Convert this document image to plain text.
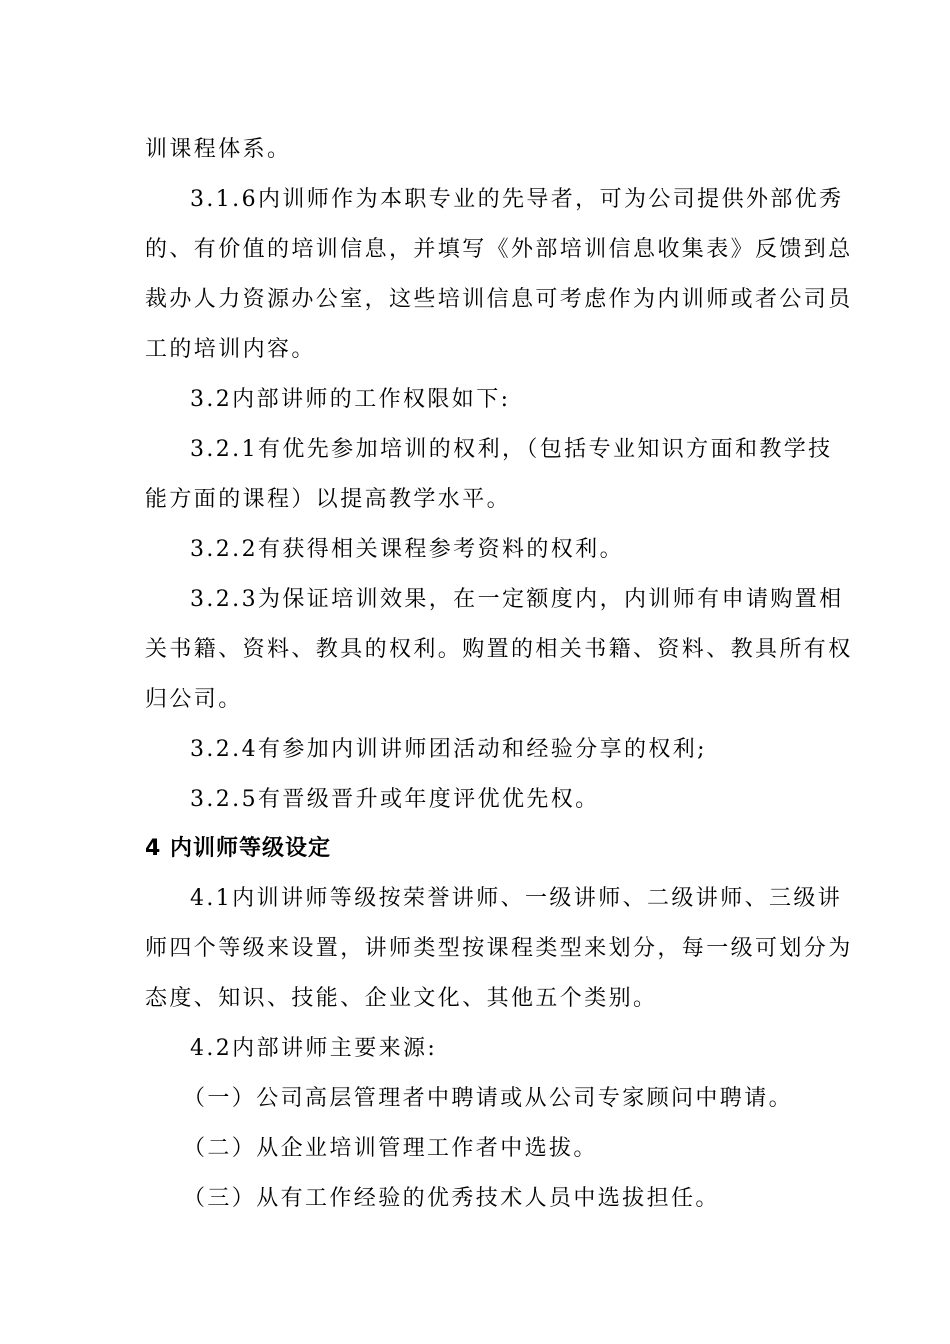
训课程体系。
3.1.6内训师作为本职专业的先导者，可为公司提供外部优秀
的、有价值的培训信息，并填写《外部培训信息收集表》反馈到总
裁办人力资源办公室，这些培训信息可考虑作为内训师或者公司员
工的培训内容。
3.2内部讲师的工作权限如下:
3.2.1有优先参加培训的权利，（包括专业知识方面和教学技
能方面的课程）以提高教学水平。
3.2.2有获得相关课程参考资料的权利。
3.2.3为保证培训效果，在一定额度内，内训师有申请购置相
关书籍、资料、教具的权利。购置的相关书籍、资料、教具所有权
归公司。
3.2.4有参加内训讲师团活动和经验分享的权利;
3.2.5有晋级晋升或年度评优优先权。
4 内训师等级设定
4.1内训讲师等级按荣誉讲师、一级讲师、二级讲师、三级讲
师四个等级来设置，讲师类型按课程类型来划分，每一级可划分为
态度、知识、技能、企业文化、其他五个类别。
4.2内部讲师主要来源:
（一）公司高层管理者中聘请或从公司专家顾问中聘请。
（二）从企业培训管理工作者中选拔。
（三）从有工作经验的优秀技术人员中选拔担任。
